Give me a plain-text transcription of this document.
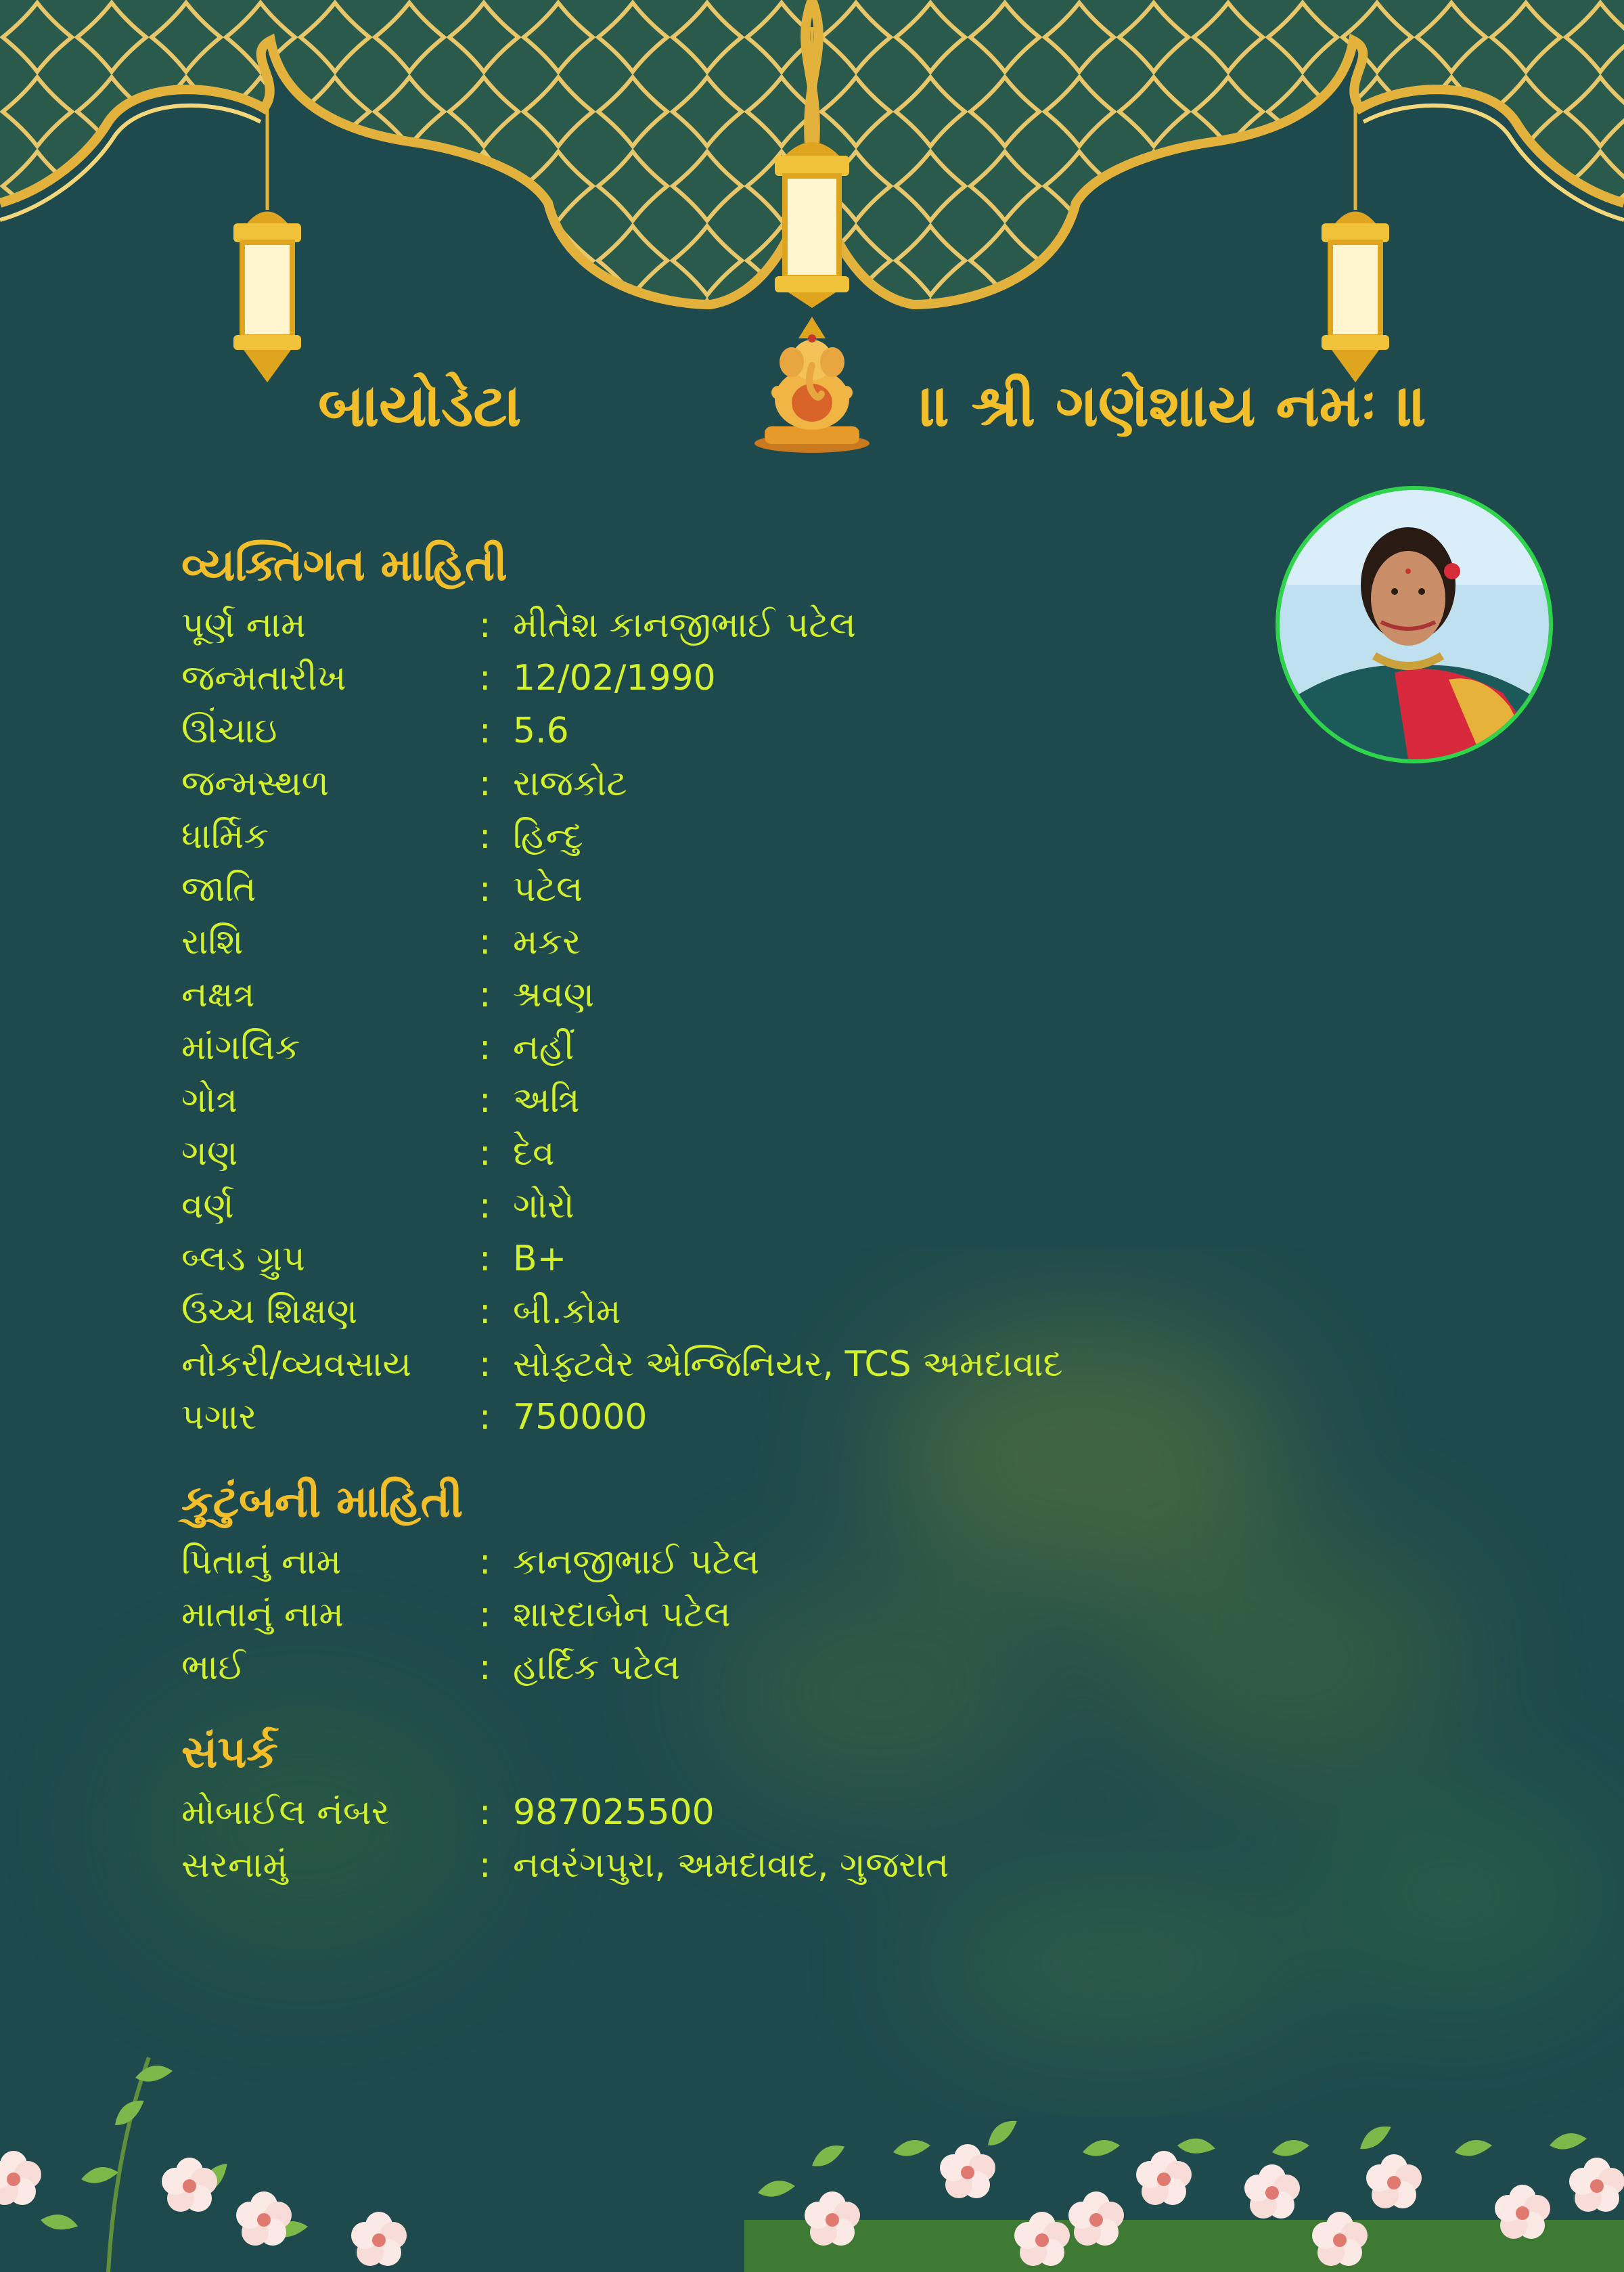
બાયોડેટા	॥ શ્રી ગણેશાય નમઃ ॥
વ્યક્તિગત માહિતી
પૂર્ણ નામ	: મીતેશ કાનજીભાઈ પટેલ
જન્મતારીખ	: 12/02/1990
ઊંચાઇ	: 5.6
જન્મસ્થળ	: રાજકોટ
ધાર્મિક	: હિન્દુ
જાતિ	: પટેલ
રાશિ	: મકર
નક્ષત્ર	: શ્રવણ
માંગલિક	: નહીં
ગોત્ર	: અત્રિ
ગણ	: દેવ
વર્ણ	: ગોરો
બ્લડ ગ્રુપ	: B+
ઉચ્ચ શિક્ષણ	: બી.કોમ
નોકરી/વ્યવસાય	: સોફ્ટવેર એન્જિનિયર, TCS અમદાવાદ
પગાર	: 750000
કુટુંબની માહિતી
પિતાનું નામ	: કાનજીભાઈ પટેલ
માતાનું નામ	: શારદાબેન પટેલ
ભાઈ	: હાર્દિક પટેલ
સંપર્ક
મોબાઈલ નંબર	: 987025500
સરનામું	: નવરંગપુરા, અમદાવાદ, ગુજરાત
